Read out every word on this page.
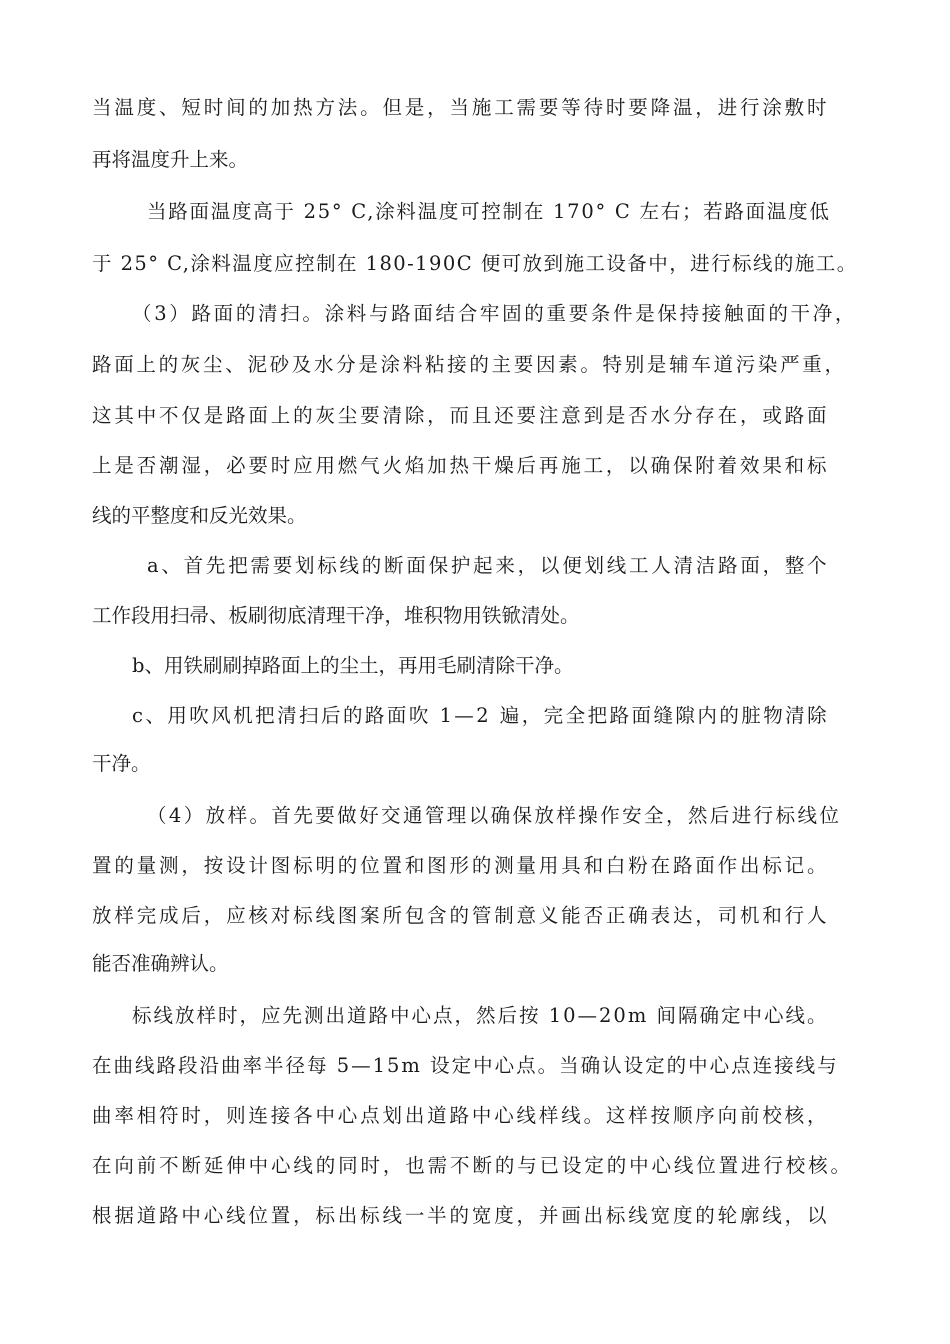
当温度、短时间的加热方法。但是，当施工需要等待时要降温，进行涂敷时
再将温度升上来。
当路面温度高于 25° C,涂料温度可控制在 170° C 左右；若路面温度低
于 25° C,涂料温度应控制在 180-190C 便可放到施工设备中，进行标线的施工。
（3）路面的清扫。涂料与路面结合牢固的重要条件是保持接触面的干净，
路面上的灰尘、泥砂及水分是涂料粘接的主要因素。特别是辅车道污染严重，
这其中不仅是路面上的灰尘要清除，而且还要注意到是否水分存在，或路面
上是否潮湿，必要时应用燃气火焰加热干燥后再施工，以确保附着效果和标
线的平整度和反光效果。
a、首先把需要划标线的断面保护起来，以便划线工人清洁路面，整个
工作段用扫帚、板刷彻底清理干净，堆积物用铁锨清处。
b、用铁刷刷掉路面上的尘土，再用毛刷清除干净。
c、用吹风机把清扫后的路面吹 1—2 遍，完全把路面缝隙内的脏物清除
干净。
（4）放样。首先要做好交通管理以确保放样操作安全，然后进行标线位
置的量测，按设计图标明的位置和图形的测量用具和白粉在路面作出标记。
放样完成后，应核对标线图案所包含的管制意义能否正确表达，司机和行人
能否准确辨认。
标线放样时，应先测出道路中心点，然后按 10—20m 间隔确定中心线。
在曲线路段沿曲率半径每 5—15m 设定中心点。当确认设定的中心点连接线与
曲率相符时，则连接各中心点划出道路中心线样线。这样按顺序向前校核，
在向前不断延伸中心线的同时，也需不断的与已设定的中心线位置进行校核。
根据道路中心线位置，标出标线一半的宽度，并画出标线宽度的轮廓线，以
